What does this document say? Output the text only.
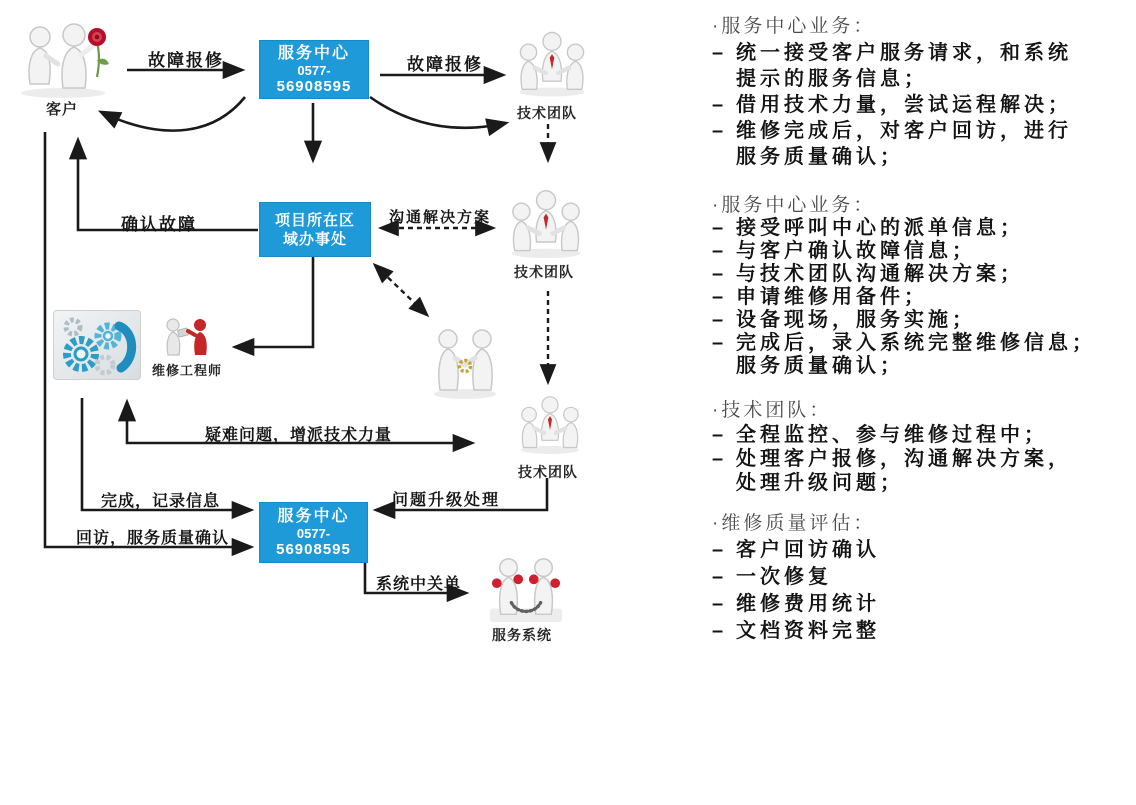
客户
服务中心
0577-
56908595
技术团队
项目所在区
域办事处
技术团队
维修工程师
技术团队
服务中心
0577-
56908595
服务系统
故障报修	故障报修
确认故障	沟通解决方案
疑难问题，增派技术力量
完成，记录信息
回访，服务质量确认
问题升级处理
系统中关单
·服务中心业务：
– 统一接受客户服务请求，和系统
提示的服务信息；
– 借用技术力量，尝试运程解决；
– 维修完成后，对客户回访，进行
服务质量确认；
·服务中心业务：
– 接受呼叫中心的派单信息；
– 与客户确认故障信息；
– 与技术团队沟通解决方案；
– 申请维修用备件；
– 设备现场，服务实施；
– 完成后，录入系统完整维修信息；
服务质量确认；
·技术团队：
– 全程监控、参与维修过程中；
– 处理客户报修，沟通解决方案，
处理升级问题；
·维修质量评估：
– 客户回访确认
– 一次修复
– 维修费用统计
– 文档资料完整
